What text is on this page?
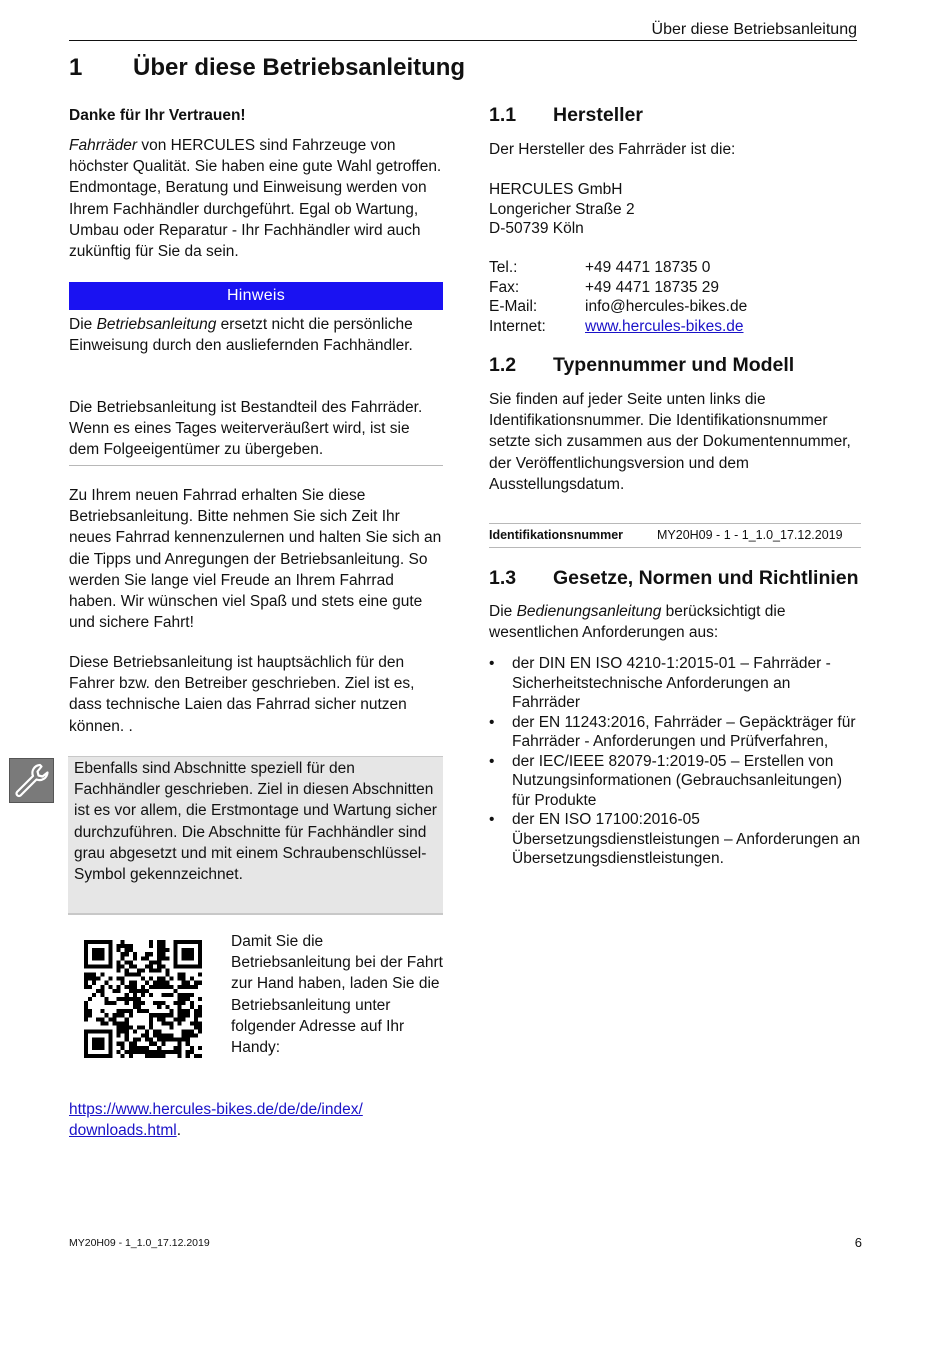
Über diese Betriebsanleitung
1 Über diese Betriebsanleitung

Danke für Ihr Vertrauen!

Fahrräder von HERCULES sind Fahrzeuge von höchster Qualität. Sie haben eine gute Wahl getroffen. Endmontage, Beratung und Einweisung werden von Ihrem Fachhändler durchgeführt. Egal ob Wartung, Umbau oder Reparatur - Ihr Fachhändler wird auch zukünftig für Sie da sein.

Hinweis

Die Betriebsanleitung ersetzt nicht die persönliche Einweisung durch den ausliefernden Fachhändler.

Die Betriebsanleitung ist Bestandteil des Fahrräder. Wenn es eines Tages weiterveräußert wird, ist sie dem Folgeeigentümer zu übergeben.

Zu Ihrem neuen Fahrrad erhalten Sie diese Betriebsanleitung. Bitte nehmen Sie sich Zeit Ihr neues Fahrrad kennenzulernen und halten Sie sich an die Tipps und Anregungen der Betriebsanleitung. So werden Sie lange viel Freude an Ihrem Fahrrad haben. Wir wünschen viel Spaß und stets eine gute und sichere Fahrt!

Diese Betriebsanleitung ist hauptsächlich für den Fahrer bzw. den Betreiber geschrieben. Ziel ist es, dass technische Laien das Fahrrad sicher nutzen können. .

Ebenfalls sind Abschnitte speziell für den Fachhändler geschrieben. Ziel in diesen Abschnitten ist es vor allem, die Erstmontage und Wartung sicher durchzuführen. Die Abschnitte für Fachhändler sind grau abgesetzt und mit einem Schraubenschlüssel-Symbol gekennzeichnet.

Damit Sie die Betriebsanleitung bei der Fahrt zur Hand haben, laden Sie die Betriebsanleitung unter folgender Adresse auf Ihr Handy:

https://www.hercules-bikes.de/de/de/index/
downloads.html.

1.1 Hersteller

Der Hersteller des Fahrräder ist die:

HERCULES GmbH
Longericher Straße 2
D-50739 Köln
Tel.:	+49 4471 18735 0
Fax:	+49 4471 18735 29
E-Mail:	info@hercules-bikes.de
Internet:	www.hercules-bikes.de
1.2 Typennummer und Modell

Sie finden auf jeder Seite unten links die Identifikationsnummer. Die Identifikationsnummer setzte sich zusammen aus der Dokumentennummer, der Veröffentlichungsversion und dem Ausstellungsdatum.

Identifikationsnummer	MY20H09 - 1 - 1_1.0_17.12.2019
1.3 Gesetze, Normen und Richtlinien

Die Bedienungsanleitung berücksichtigt die wesentlichen Anforderungen aus:

• der DIN EN ISO 4210-1:2015-01 – Fahrräder - Sicherheitstechnische Anforderungen an Fahrräder
• der EN 11243:2016, Fahrräder – Gepäckträger für Fahrräder - Anforderungen und Prüfverfahren,
• der IEC/IEEE 82079-1:2019-05 – Erstellen von Nutzungsinformationen (Gebrauchsanleitungen) für Produkte
• der EN ISO 17100:2016-05 Übersetzungsdienstleistungen – Anforderungen an Übersetzungsdienstleistungen.
MY20H09 - 1_1.0_17.12.2019	6
